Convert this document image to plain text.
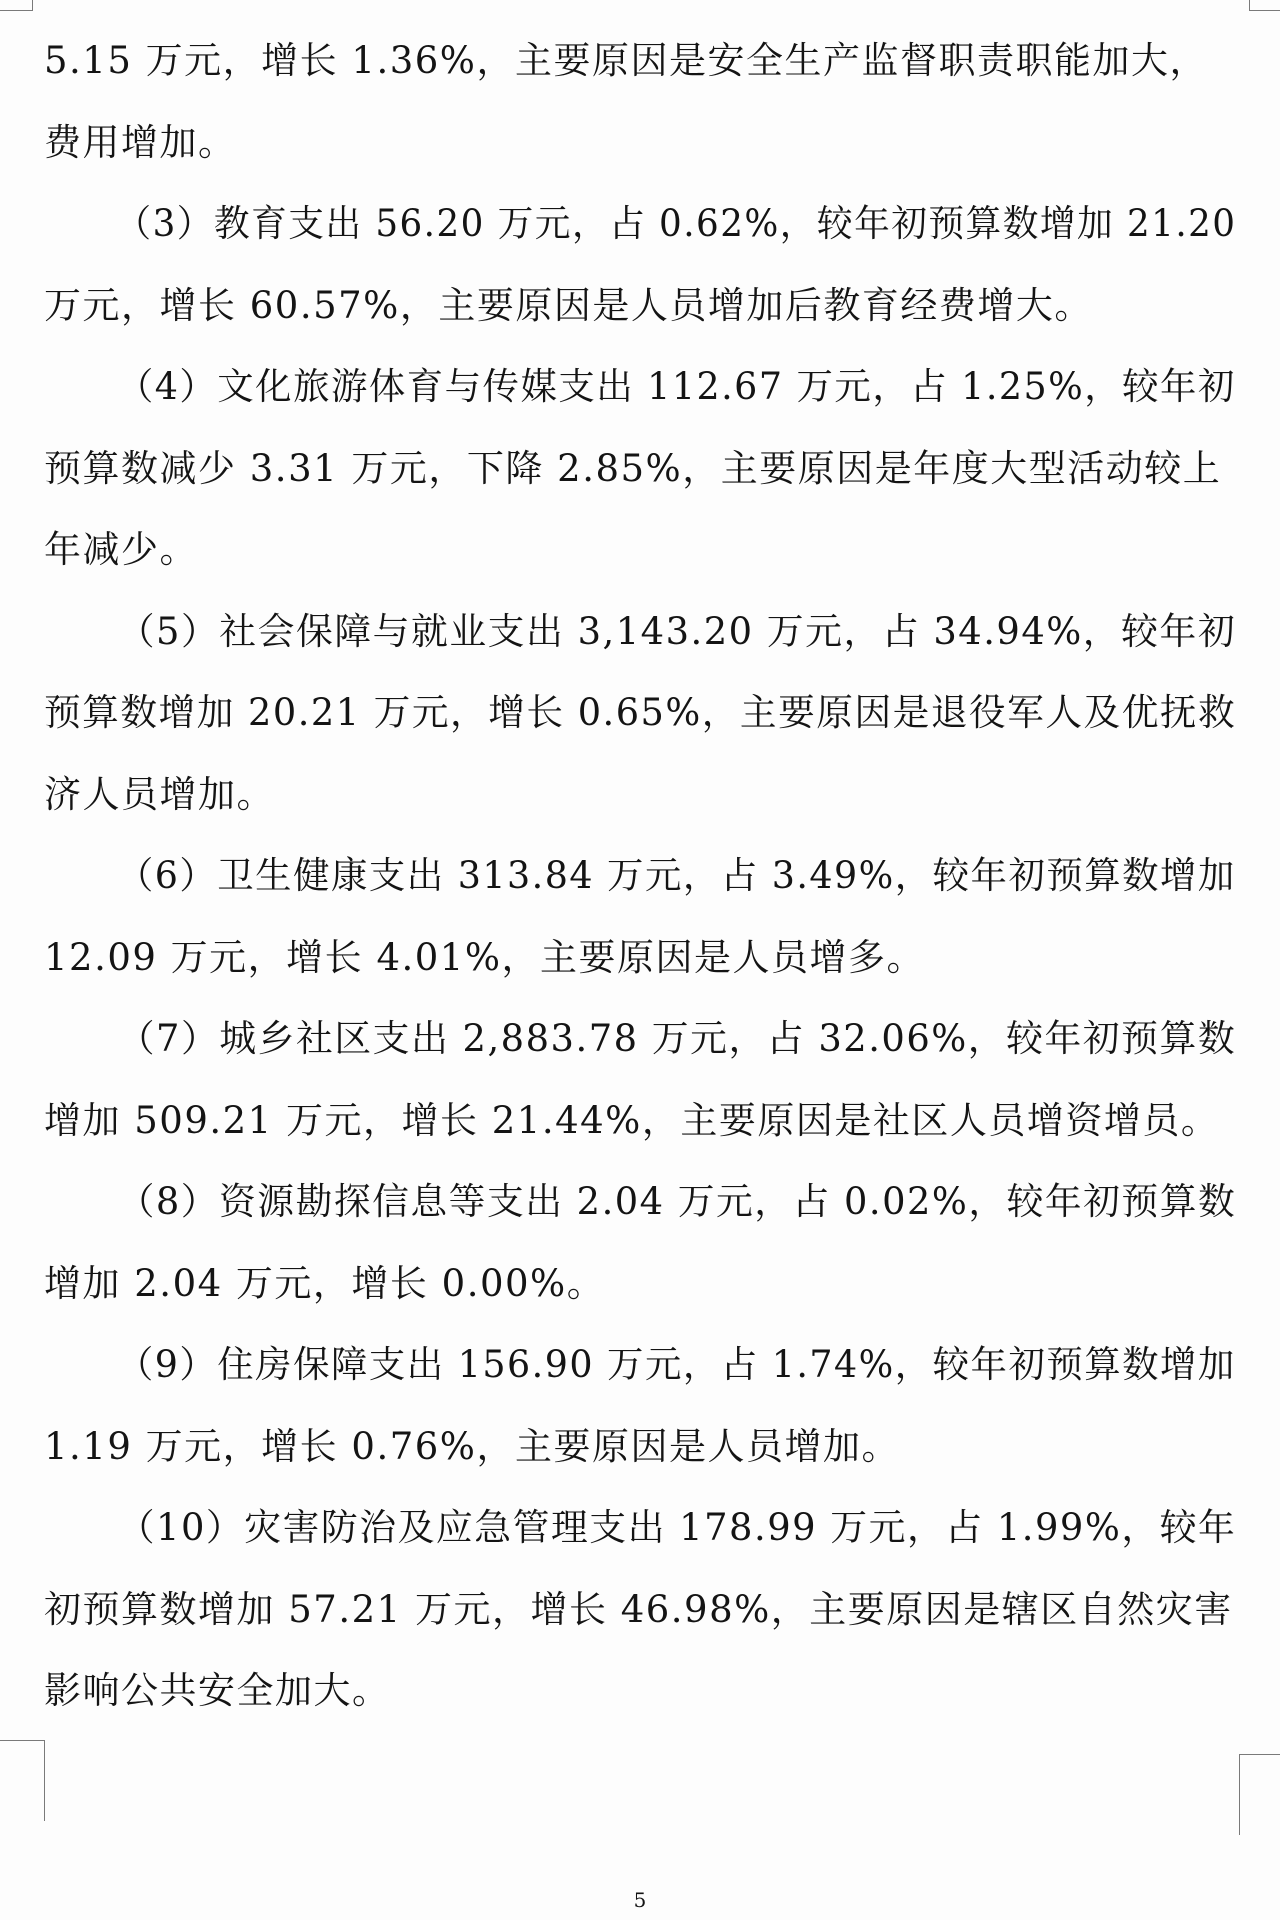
5.15 万元，增长 1.36%，主要原因是安全生产监督职责职能加大，
费用增加。

（3）教育支出 56.20 万元，占 0.62%，较年初预算数增加 21.20
万元，增长 60.57%，主要原因是人员增加后教育经费增大。

（4）文化旅游体育与传媒支出 112.67 万元，占 1.25%，较年初
预算数减少 3.31 万元，下降 2.85%，主要原因是年度大型活动较上
年减少。

（5）社会保障与就业支出 3,143.20 万元，占 34.94%，较年初
预算数增加 20.21 万元，增长 0.65%，主要原因是退役军人及优抚救
济人员增加。

（6）卫生健康支出 313.84 万元，占 3.49%，较年初预算数增加
12.09 万元，增长 4.01%，主要原因是人员增多。

（7）城乡社区支出 2,883.78 万元，占 32.06%，较年初预算数
增加 509.21 万元，增长 21.44%，主要原因是社区人员增资增员。

（8）资源勘探信息等支出 2.04 万元，占 0.02%，较年初预算数
增加 2.04 万元，增长 0.00%。

（9）住房保障支出 156.90 万元，占 1.74%，较年初预算数增加
1.19 万元，增长 0.76%，主要原因是人员增加。

（10）灾害防治及应急管理支出 178.99 万元，占 1.99%，较年
初预算数增加 57.21 万元，增长 46.98%，主要原因是辖区自然灾害
影响公共安全加大。

5
